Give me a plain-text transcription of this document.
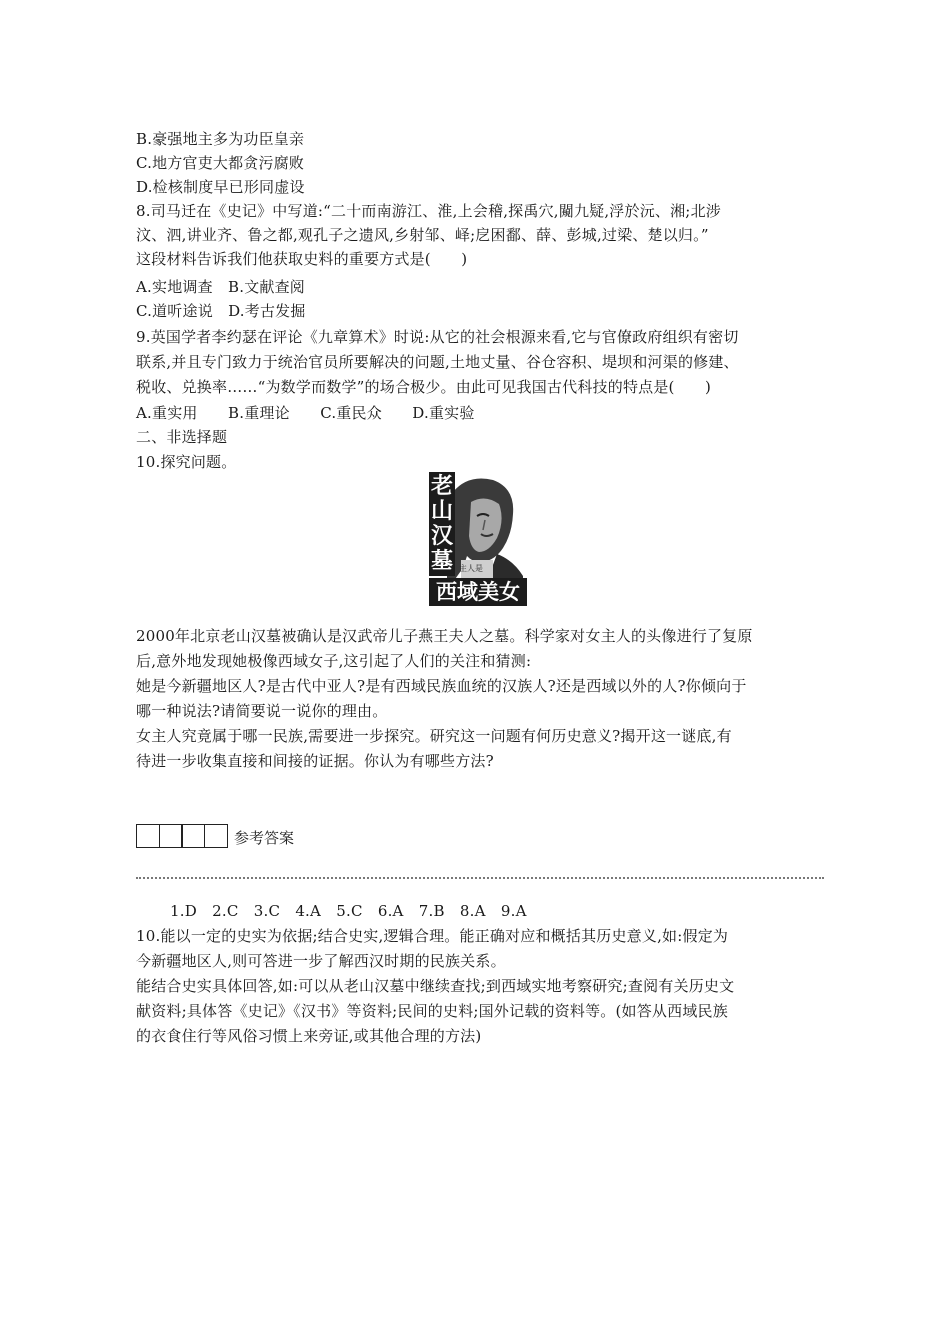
B.豪强地主多为功臣皇亲
C.地方官吏大都贪污腐败
D.检核制度早已形同虚设
8.司马迁在《史记》中写道:“二十而南游江、淮,上会稽,探禹穴,闚九疑,浮於沅、湘;北涉
汶、泗,讲业齐、鲁之都,观孔子之遗风,乡射邹、峄;戹困鄱、薛、彭城,过梁、楚以归。”
这段材料告诉我们他获取史料的重要方式是(　　)
A.实地调查　B.文献查阅
C.道听途说　D.考古发掘
9.英国学者李约瑟在评论《九章算术》时说:从它的社会根源来看,它与官僚政府组织有密切
联系,并且专门致力于统治官员所要解决的问题,土地丈量、谷仓容积、堤坝和河渠的修建、
税收、兑换率……“为数学而数学”的场合极少。由此可见我国古代科技的特点是(　　)
A.重实用　　B.重理论　　C.重民众　　D.重实验
二、非选择题
10.探究问题。
老山汉墓 主人是
西域美女
2000年北京老山汉墓被确认是汉武帝儿子燕王夫人之墓。科学家对女主人的头像进行了复原
后,意外地发现她极像西域女子,这引起了人们的关注和猜测:
她是今新疆地区人?是古代中亚人?是有西域民族血统的汉族人?还是西域以外的人?你倾向于
哪一种说法?请简要说一说你的理由。
女主人究竟属于哪一民族,需要进一步探究。研究这一问题有何历史意义?揭开这一谜底,有
待进一步收集直接和间接的证据。你认为有哪些方法?
参考答案
1.D　2.C　3.C　4.A　5.C　6.A　7.B　8.A　9.A
10.能以一定的史实为依据;结合史实,逻辑合理。能正确对应和概括其历史意义,如:假定为
今新疆地区人,则可答进一步了解西汉时期的民族关系。
能结合史实具体回答,如:可以从老山汉墓中继续查找;到西域实地考察研究;查阅有关历史文
献资料;具体答《史记》《汉书》等资料;民间的史料;国外记载的资料等。(如答从西域民族
的衣食住行等风俗习惯上来旁证,或其他合理的方法)
